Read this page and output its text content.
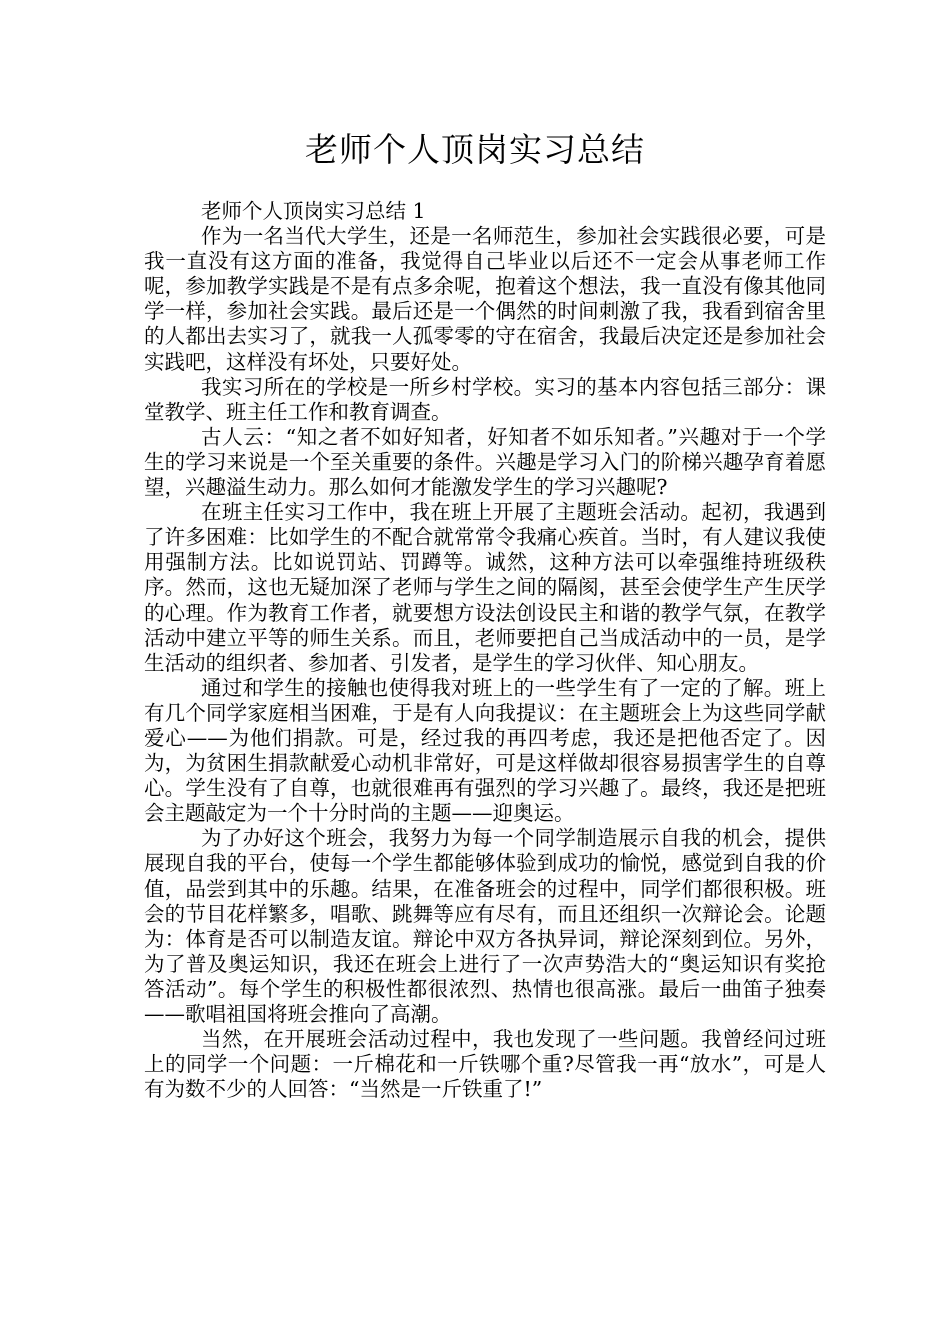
老师个人顶岗实习总结

老师个人顶岗实习总结 1

作为一名当代大学生，还是一名师范生，参加社会实践很必要，可是我一直没有这方面的准备，我觉得自己毕业以后还不一定会从事老师工作呢，参加教学实践是不是有点多余呢，抱着这个想法，我一直没有像其他同学一样，参加社会实践。最后还是一个偶然的时间刺激了我，我看到宿舍里的人都出去实习了，就我一人孤零零的守在宿舍，我最后决定还是参加社会实践吧，这样没有坏处，只要好处。

我实习所在的学校是一所乡村学校。实习的基本内容包括三部分：课堂教学、班主任工作和教育调查。

古人云：“知之者不如好知者，好知者不如乐知者。”兴趣对于一个学生的学习来说是一个至关重要的条件。兴趣是学习入门的阶梯兴趣孕育着愿望，兴趣溢生动力。那么如何才能激发学生的学习兴趣呢?

在班主任实习工作中，我在班上开展了主题班会活动。起初，我遇到了许多困难：比如学生的不配合就常常令我痛心疾首。当时，有人建议我使用强制方法。比如说罚站、罚蹲等。诚然，这种方法可以牵强维持班级秩序。然而，这也无疑加深了老师与学生之间的隔阂，甚至会使学生产生厌学的心理。作为教育工作者，就要想方设法创设民主和谐的教学气氛，在教学活动中建立平等的师生关系。而且，老师要把自己当成活动中的一员，是学生活动的组织者、参加者、引发者，是学生的学习伙伴、知心朋友。

通过和学生的接触也使得我对班上的一些学生有了一定的了解。班上有几个同学家庭相当困难，于是有人向我提议：在主题班会上为这些同学献爱心——为他们捐款。可是，经过我的再四考虑，我还是把他否定了。因为，为贫困生捐款献爱心动机非常好，可是这样做却很容易损害学生的自尊心。学生没有了自尊，也就很难再有强烈的学习兴趣了。最终，我还是把班会主题敲定为一个十分时尚的主题——迎奥运。

为了办好这个班会，我努力为每一个同学制造展示自我的机会，提供展现自我的平台，使每一个学生都能够体验到成功的愉悦，感觉到自我的价值，品尝到其中的乐趣。结果，在准备班会的过程中，同学们都很积极。班会的节目花样繁多，唱歌、跳舞等应有尽有，而且还组织一次辩论会。论题为：体育是否可以制造友谊。辩论中双方各执异词，辩论深刻到位。另外，为了普及奥运知识，我还在班会上进行了一次声势浩大的“奥运知识有奖抢答活动”。每个学生的积极性都很浓烈、热情也很高涨。最后一曲笛子独奏——歌唱祖国将班会推向了高潮。

当然，在开展班会活动过程中，我也发现了一些问题。我曾经问过班上的同学一个问题：一斤棉花和一斤铁哪个重?尽管我一再“放水”，可是人有为数不少的人回答：“当然是一斤铁重了!”
